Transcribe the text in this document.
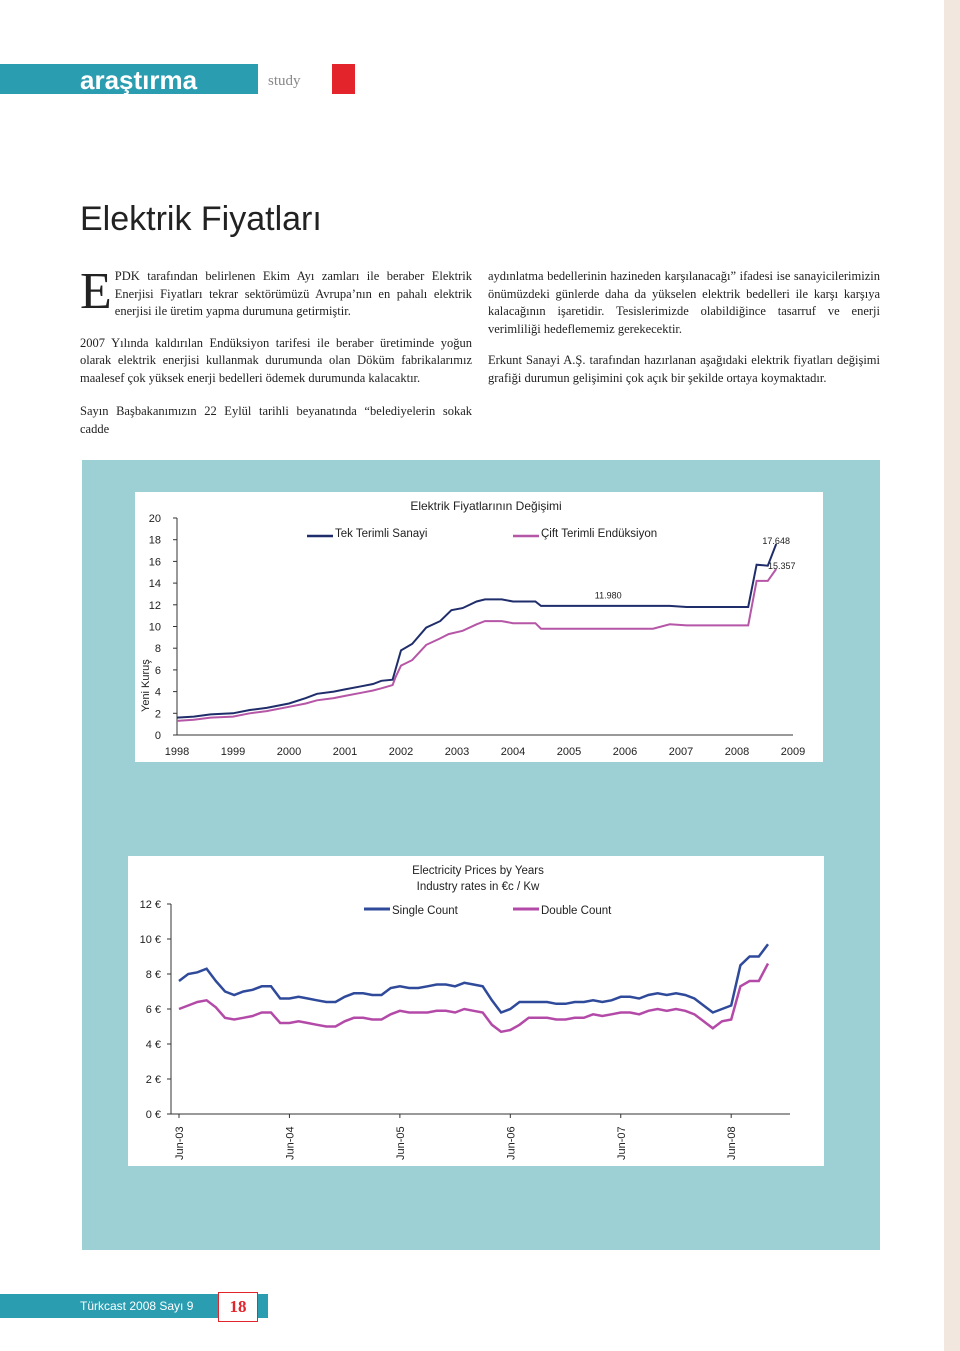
araştırma	study
Elektrik Fiyatları

EPDK tarafından belirlenen Ekim Ayı zamları ile beraber Elektrik Enerjisi Fiyatları tekrar sektörümüzü Avrupa’nın en pahalı elektrik enerjisi ile üretim yapma durumuna getirmiştir.

2007 Yılında kaldırılan Endüksiyon tarifesi ile beraber üretiminde yoğun olarak elektrik enerjisi kullanmak durumunda olan Döküm fabrikalarımız maalesef çok yüksek enerji bedelleri ödemek durumunda kalacaktır.

Sayın Başbakanımızın 22 Eylül tarihli beyanatında “belediyelerin sokak cadde

aydınlatma bedellerinin hazineden karşılanacağı” ifadesi ise sanayicilerimizin önümüzdeki günlerde daha da yükselen elektrik bedelleri ile karşı karşıya kalacağının işaretidir. Tesislerimizde olabildiğince tasarruf ve enerji verimliliği hedeflememiz gerekecektir.

Erkunt Sanayi A.Ş. tarafından hazırlanan aşağıdaki elektrik fiyatları değişimi grafiği durumun gelişimini çok açık bir şekilde ortaya koymaktadır.

Elektrik Fiyatlarının Değişimi
Yeni Kuruş
Tek Terimli Sanayi	Çift Terimli Endüksiyon
0
2
4
6
8
10
12
14
16
18
20
1998	1999	2000	2001	2002	2003	2004	2005	2006	2007	2008	2009
17.648
15.357
11.980
Electricity Prices by Years
Industry rates in €c / Kw
Single Count	Double Count
0 €
2 €
4 €
6 €
8 €
10 €
12 €
Jun-03	Jun-04	Jun-05	Jun-06	Jun-07	Jun-08
Türkcast 2008 Sayı 9	18
